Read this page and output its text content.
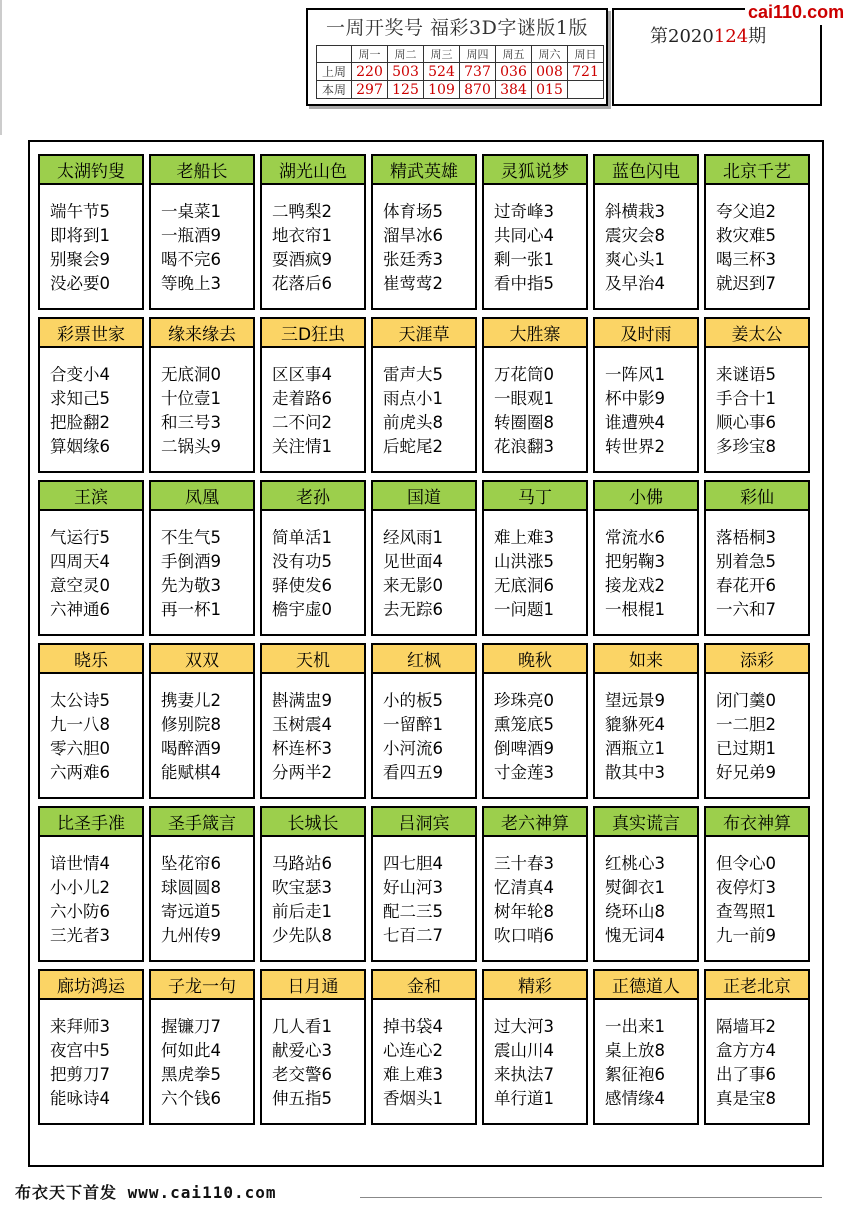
一周开奖号 福彩3D字谜版1版
	周一	周二	周三	周四	周五	周六	周日
上周	220	503	524	737	036	008	721
本周	297	125	109	870	384	015	
第2020124期
cai110.com
太湖钓叟
端午节5
即将到1
别聚会9
没必要0
老船长
一桌菜1
一瓶酒9
喝不完6
等晚上3
湖光山色
二鸭梨2
地衣帘1
耍酒疯9
花落后6
精武英雄
体育场5
溜旱冰6
张廷秀3
崔莺莺2
灵狐说梦
过奇峰3
共同心4
剩一张1
看中指5
蓝色闪电
斜横栽3
震灾会8
爽心头1
及早治4
北京千艺
夸父追2
救灾难5
喝三杯3
就迟到7
彩票世家
合变小4
求知己5
把脸翻2
算姻缘6
缘来缘去
无底洞0
十位壹1
和三号3
二锅头9
三D狂虫
区区事4
走着路6
二不问2
关注情1
天涯草
雷声大5
雨点小1
前虎头8
后蛇尾2
大胜寨
万花筒0
一眼观1
转圈圈8
花浪翻3
及时雨
一阵风1
杯中影9
谁遭殃4
转世界2
姜太公
来谜语5
手合十1
顺心事6
多珍宝8
王滨
气运行5
四周天4
意空灵0
六神通6
凤凰
不生气5
手倒酒9
先为敬3
再一杯1
老孙
简单活1
没有功5
驿使发6
檐宇虚0
国道
经风雨1
见世面4
来无影0
去无踪6
马丁
难上难3
山洪涨5
无底洞6
一问题1
小佛
常流水6
把躬鞠3
接龙戏2
一根棍1
彩仙
落梧桐3
别着急5
春花开6
一六和7
晓乐
太公诗5
九一八8
零六胆0
六两难6
双双
携妻儿2
修别院8
喝醉酒9
能赋棋4
天机
斟满盅9
玉树震4
杯连杯3
分两半2
红枫
小的板5
一留醉1
小河流6
看四五9
晚秋
珍珠亮0
熏笼底5
倒啤酒9
寸金莲3
如来
望远景9
貔貅死4
酒瓶立1
散其中3
添彩
闭门羹0
一二胆2
已过期1
好兄弟9
比圣手准
谙世情4
小小儿2
六小防6
三光者3
圣手箴言
坠花帘6
球圆圆8
寄远道5
九州传9
长城长
马路站6
吹宝瑟3
前后走1
少先队8
吕洞宾
四七胆4
好山河3
配二三5
七百二7
老六神算
三十春3
忆清真4
树年轮8
吹口哨6
真实谎言
红桃心3
熨御衣1
绕环山8
愧无词4
布衣神算
但令心0
夜停灯3
查驾照1
九一前9
廊坊鸿运
来拜师3
夜宫中5
把剪刀7
能咏诗4
子龙一句
握镰刀7
何如此4
黑虎拳5
六个钱6
日月通
几人看1
献爱心3
老交警6
伸五指5
金和
掉书袋4
心连心2
难上难3
香烟头1
精彩
过大河3
震山川4
来执法7
单行道1
正德道人
一出来1
桌上放8
絮征袍6
感情缘4
正老北京
隔墙耳2
盒方方4
出了事6
真是宝8
布衣天下首发 www.cai110.com
